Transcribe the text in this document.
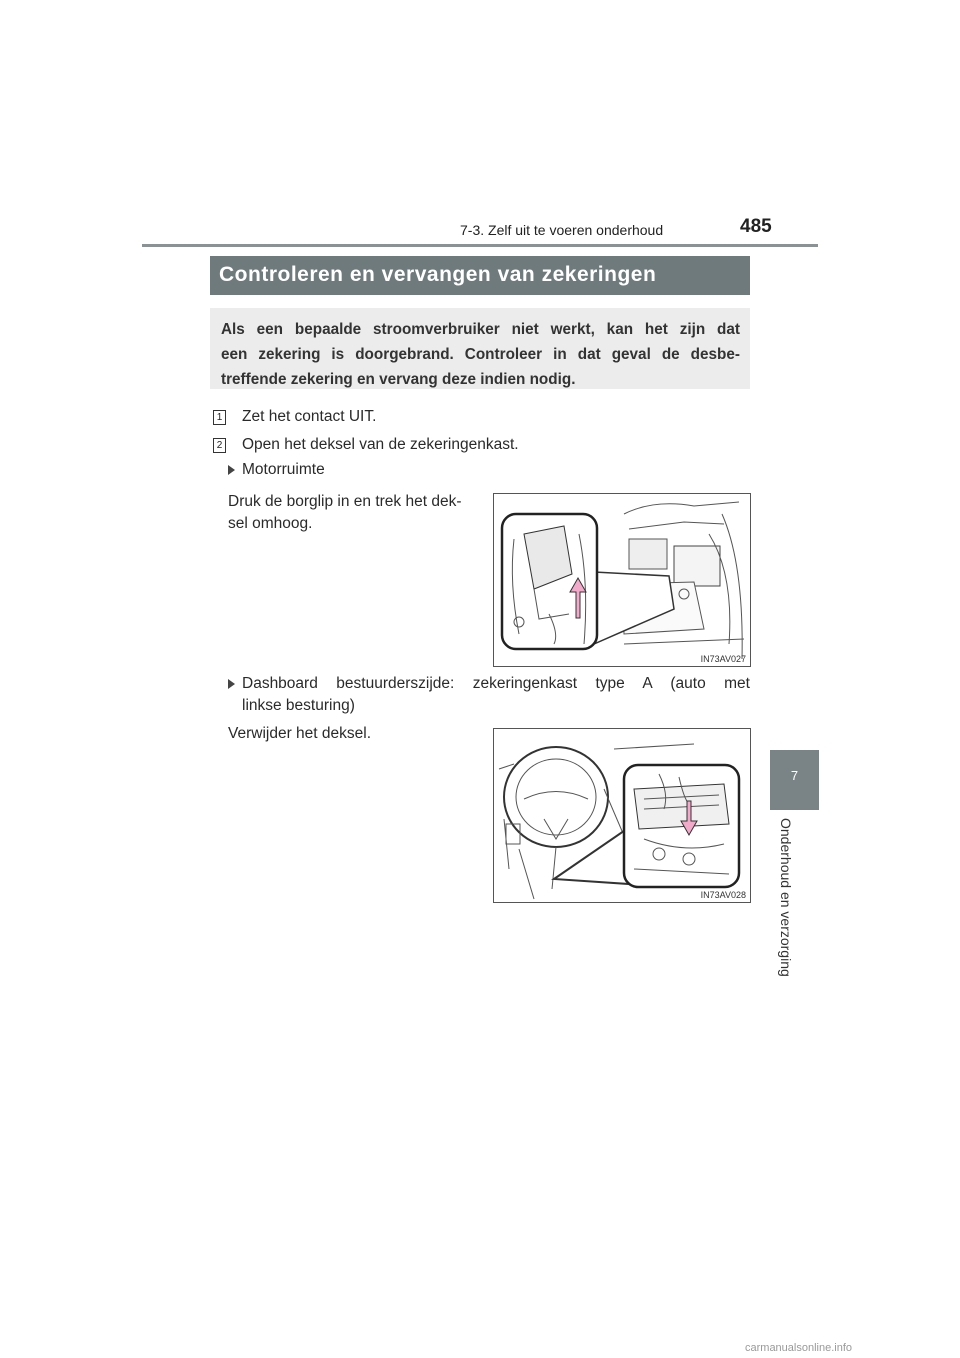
7-3. Zelf uit te voeren onderhoud	485
Controleren en vervangen van zekeringen
Als een bepaalde stroomverbruiker niet werkt, kan het zijn dat
een zekering is doorgebrand. Controleer in dat geval de desbe-
treffende zekering en vervang deze indien nodig.
1 Zet het contact UIT.
2 Open het deksel van de zekeringenkast.
Motorruimte
Druk de borglip in en trek het dek-
sel omhoog.
IN73AV027
Dashboard bestuurderszijde: zekeringenkast type A (auto met
linkse besturing)
Verwijder het deksel.
IN73AV028
7
Onderhoud en verzorging
carmanualsonline.info
